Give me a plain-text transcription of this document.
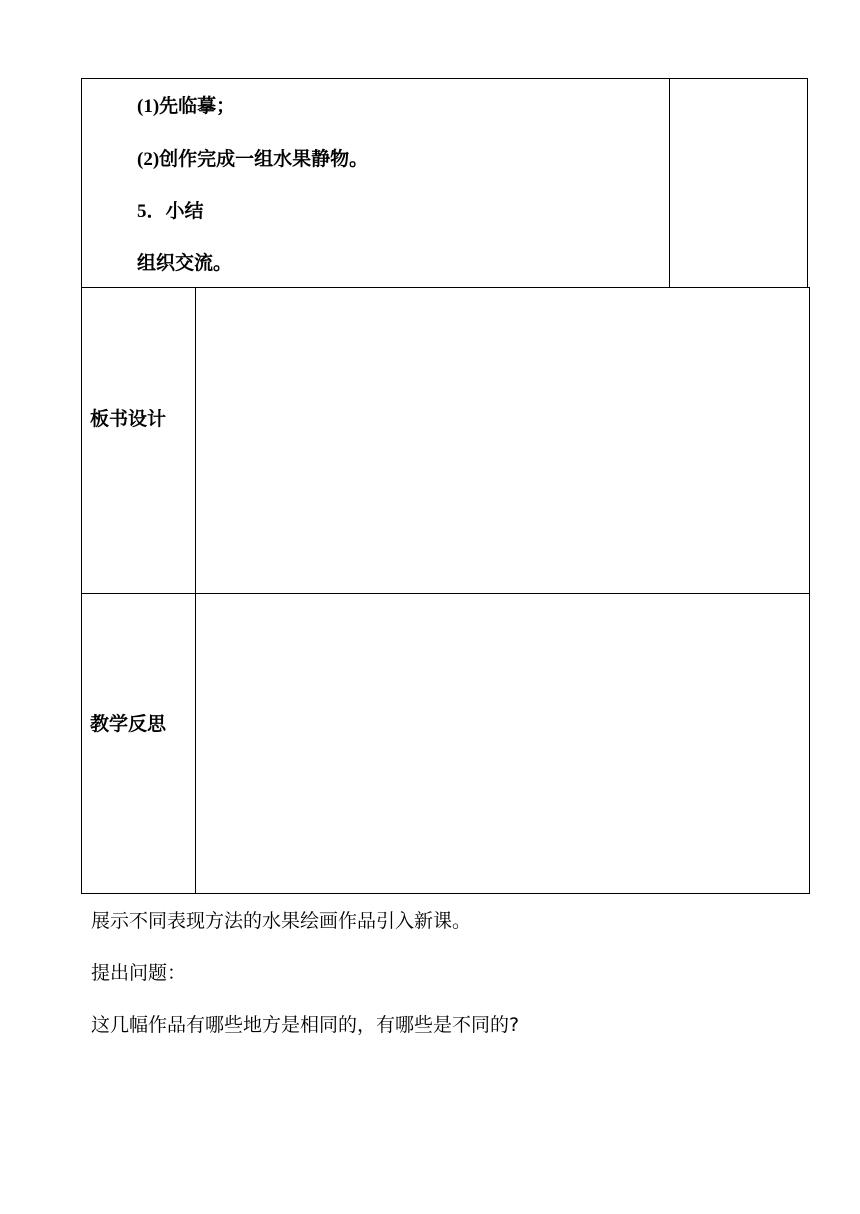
(1)先临摹；
(2)创作完成一组水果静物。
5．小结
组织交流。
板书设计
教学反思
展示不同表现方法的水果绘画作品引入新课。
提出问题：
这几幅作品有哪些地方是相同的，有哪些是不同的?
